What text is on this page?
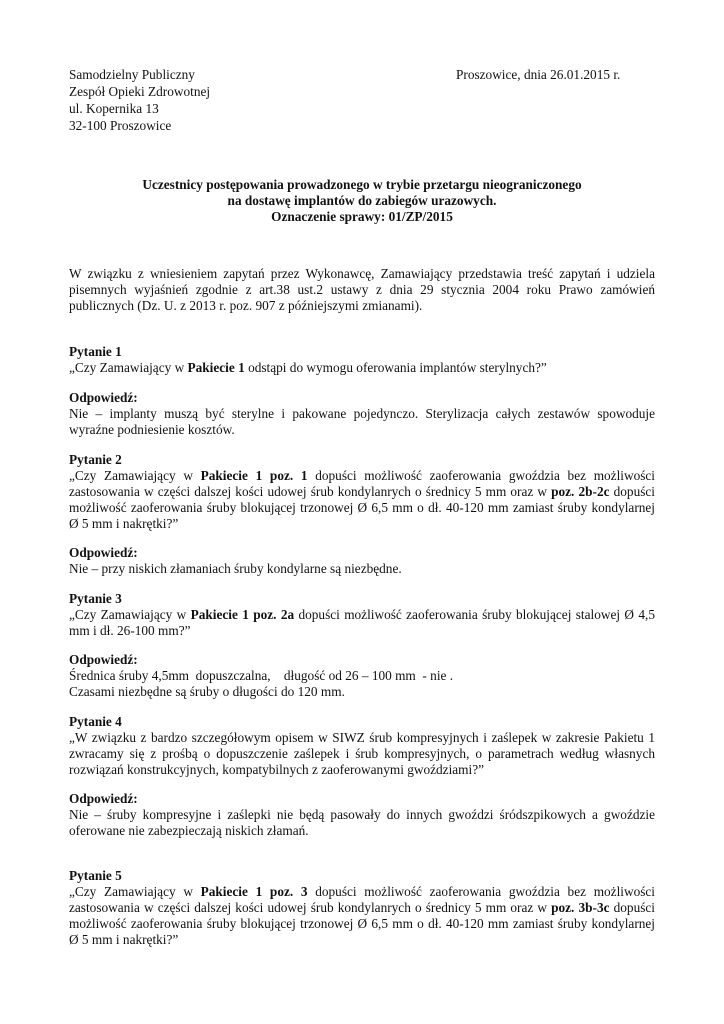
Samodzielny Publiczny
Zespół Opieki Zdrowotnej
ul. Kopernika 13
32-100 Proszowice
Proszowice, dnia 26.01.2015 r.
Uczestnicy postępowania prowadzonego w trybie przetargu nieograniczonego
na dostawę implantów do zabiegów urazowych.
Oznaczenie sprawy: 01/ZP/2015

W związku z wniesieniem zapytań przez Wykonawcę, Zamawiający przedstawia treść zapytań i udziela pisemnych wyjaśnień zgodnie z art.38 ust.2 ustawy z dnia 29 stycznia 2004 roku Prawo zamówień publicznych (Dz. U. z 2013 r. poz. 907 z późniejszymi zmianami).

Pytanie 1

„Czy Zamawiający w Pakiecie 1 odstąpi do wymogu oferowania implantów sterylnych?”

Odpowiedź:

Nie – implanty muszą być sterylne i pakowane pojedynczo. Sterylizacja całych zestawów spowoduje wyraźne podniesienie kosztów.

Pytanie 2

„Czy Zamawiający w Pakiecie 1 poz. 1 dopuści możliwość zaoferowania gwoździa bez możliwości zastosowania w części dalszej kości udowej śrub kondylanrych o średnicy 5 mm oraz w poz. 2b-2c dopuści możliwość zaoferowania śruby blokującej trzonowej Ø 6,5 mm o dł. 40-120 mm zamiast śruby kondylarnej Ø 5 mm i nakrętki?”

Odpowiedź:

Nie – przy niskich złamaniach śruby kondylarne są niezbędne.

Pytanie 3

„Czy Zamawiający w Pakiecie 1 poz. 2a dopuści możliwość zaoferowania śruby blokującej stalowej Ø 4,5 mm i dł. 26-100 mm?”

Odpowiedź:
Średnica śruby 4,5mm  dopuszczalna,    długość od 26 – 100 mm  - nie .
Czasami niezbędne są śruby o długości do 120 mm.
Pytanie 4

„W związku z bardzo szczegółowym opisem w SIWZ śrub kompresyjnych i zaślepek w zakresie Pakietu 1 zwracamy się z prośbą o dopuszczenie zaślepek i śrub kompresyjnych, o parametrach według własnych rozwiązań konstrukcyjnych, kompatybilnych z zaoferowanymi gwoździami?”

Odpowiedź:

Nie – śruby kompresyjne i zaślepki nie będą pasowały do innych gwoździ śródszpikowych a gwoździe oferowane nie zabezpieczają niskich złamań.

Pytanie 5

„Czy Zamawiający w Pakiecie 1 poz. 3 dopuści możliwość zaoferowania gwoździa bez możliwości zastosowania w części dalszej kości udowej śrub kondylanrych o średnicy 5 mm oraz w poz. 3b-3c dopuści możliwość zaoferowania śruby blokującej trzonowej Ø 6,5 mm o dł. 40-120 mm zamiast śruby kondylarnej Ø 5 mm i nakrętki?”
